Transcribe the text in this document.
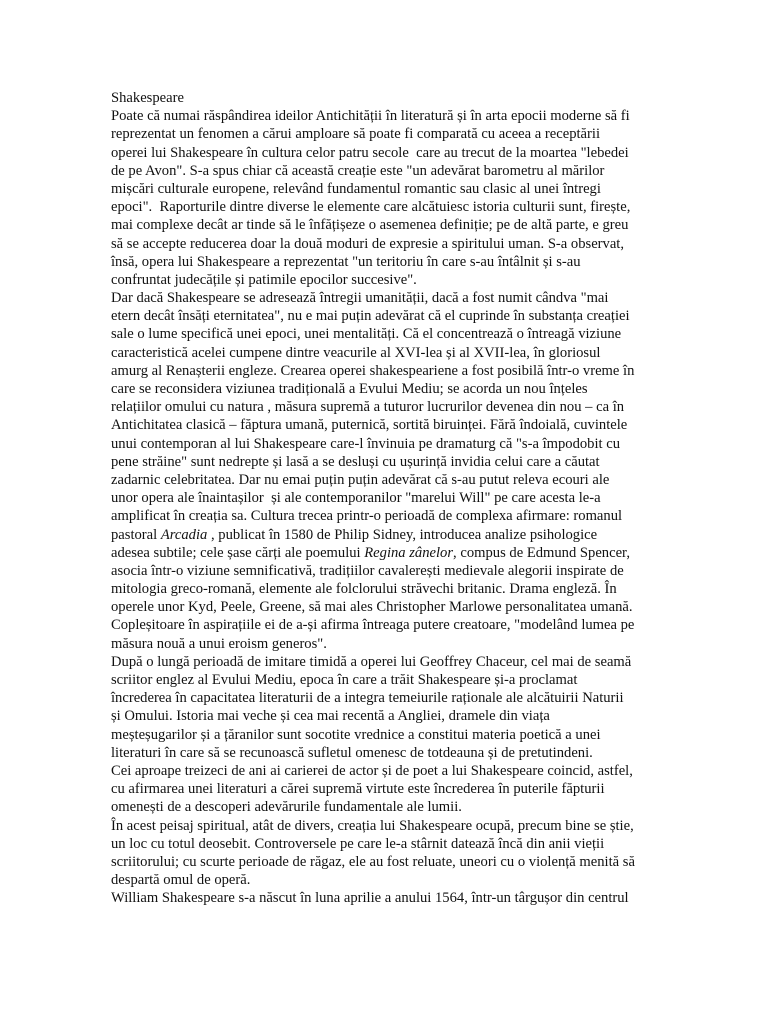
Shakespeare
Poate că numai răspândirea ideilor Antichității în literatură și în arta epocii moderne să fi
reprezentat un fenomen a cărui amploare să poate fi comparată cu aceea a receptării
operei lui Shakespeare în cultura celor patru secole  care au trecut de la moartea "lebedei
de pe Avon". S-a spus chiar că această creație este "un adevărat barometru al mărilor
mișcări culturale europene, relevând fundamentul romantic sau clasic al unei întregi
epoci".  Raporturile dintre diverse le elemente care alcătuiesc istoria culturii sunt, firește,
mai complexe decât ar tinde să le înfățișeze o asemenea definiție; pe de altă parte, e greu
să se accepte reducerea doar la două moduri de expresie a spiritului uman. S-a observat,
însă, opera lui Shakespeare a reprezentat "un teritoriu în care s-au întâlnit și s-au
confruntat judecățile și patimile epocilor succesive".
Dar dacă Shakespeare se adresează întregii umanității, dacă a fost numit cândva "mai
etern decât însăți eternitatea", nu e mai puțin adevărat că el cuprinde în substanța creației
sale o lume specifică unei epoci, unei mentalități. Că el concentrează o întreagă viziune
caracteristică acelei cumpene dintre veacurile al XVI-lea și al XVII-lea, în gloriosul
amurg al Renașterii engleze. Crearea operei shakespeariene a fost posibilă într-o vreme în
care se reconsidera viziunea tradițională a Evului Mediu; se acorda un nou înțeles
relațiilor omului cu natura , măsura supremă a tuturor lucrurilor devenea din nou – ca în
Antichitatea clasică – făptura umană, puternică, sortită biruinței. Fără îndoială, cuvintele
unui contemporan al lui Shakespeare care-l învinuia pe dramaturg că "s-a împodobit cu
pene străine" sunt nedrepte și lasă a se desluși cu ușurință invidia celui care a căutat
zadarnic celebritatea. Dar nu emai puțin puțin adevărat că s-au putut releva ecouri ale
unor opera ale înaintașilor  și ale contemporanilor "marelui Will" pe care acesta le-a
amplificat în creația sa. Cultura trecea printr-o perioadă de complexa afirmare: romanul
pastoral Arcadia , publicat în 1580 de Philip Sidney, introducea analize psihologice
adesea subtile; cele șase cărți ale poemului Regina zânelor, compus de Edmund Spencer,
asocia într-o viziune semnificativă, tradițiilor cavalerești medievale alegorii inspirate de
mitologia greco-romană, elemente ale folclorului străvechi britanic. Drama engleză. În
operele unor Kyd, Peele, Greene, să mai ales Christopher Marlowe personalitatea umană.
Copleșitoare în aspirațiile ei de a-și afirma întreaga putere creatoare, "modelând lumea pe
măsura nouă a unui eroism generos".
După o lungă perioadă de imitare timidă a operei lui Geoffrey Chaceur, cel mai de seamă
scriitor englez al Evului Mediu, epoca în care a trăit Shakespeare și-a proclamat
încrederea în capacitatea literaturii de a integra temeiurile raționale ale alcătuirii Naturii
și Omului. Istoria mai veche și cea mai recentă a Angliei, dramele din viața
meșteșugarilor și a țăranilor sunt socotite vrednice a constitui materia poetică a unei
literaturi în care să se recunoască sufletul omenesc de totdeauna și de pretutindeni.
Cei aproape treizeci de ani ai carierei de actor și de poet a lui Shakespeare coincid, astfel,
cu afirmarea unei literaturi a cărei supremă virtute este încrederea în puterile făpturii
omenești de a descoperi adevărurile fundamentale ale lumii.
În acest peisaj spiritual, atât de divers, creația lui Shakespeare ocupă, precum bine se știe,
un loc cu totul deosebit. Controversele pe care le-a stârnit datează încă din anii vieții
scriitorului; cu scurte perioade de răgaz, ele au fost reluate, uneori cu o violență menită să
despartă omul de operă.
William Shakespeare s-a născut în luna aprilie a anului 1564, într-un târgușor din centrul
